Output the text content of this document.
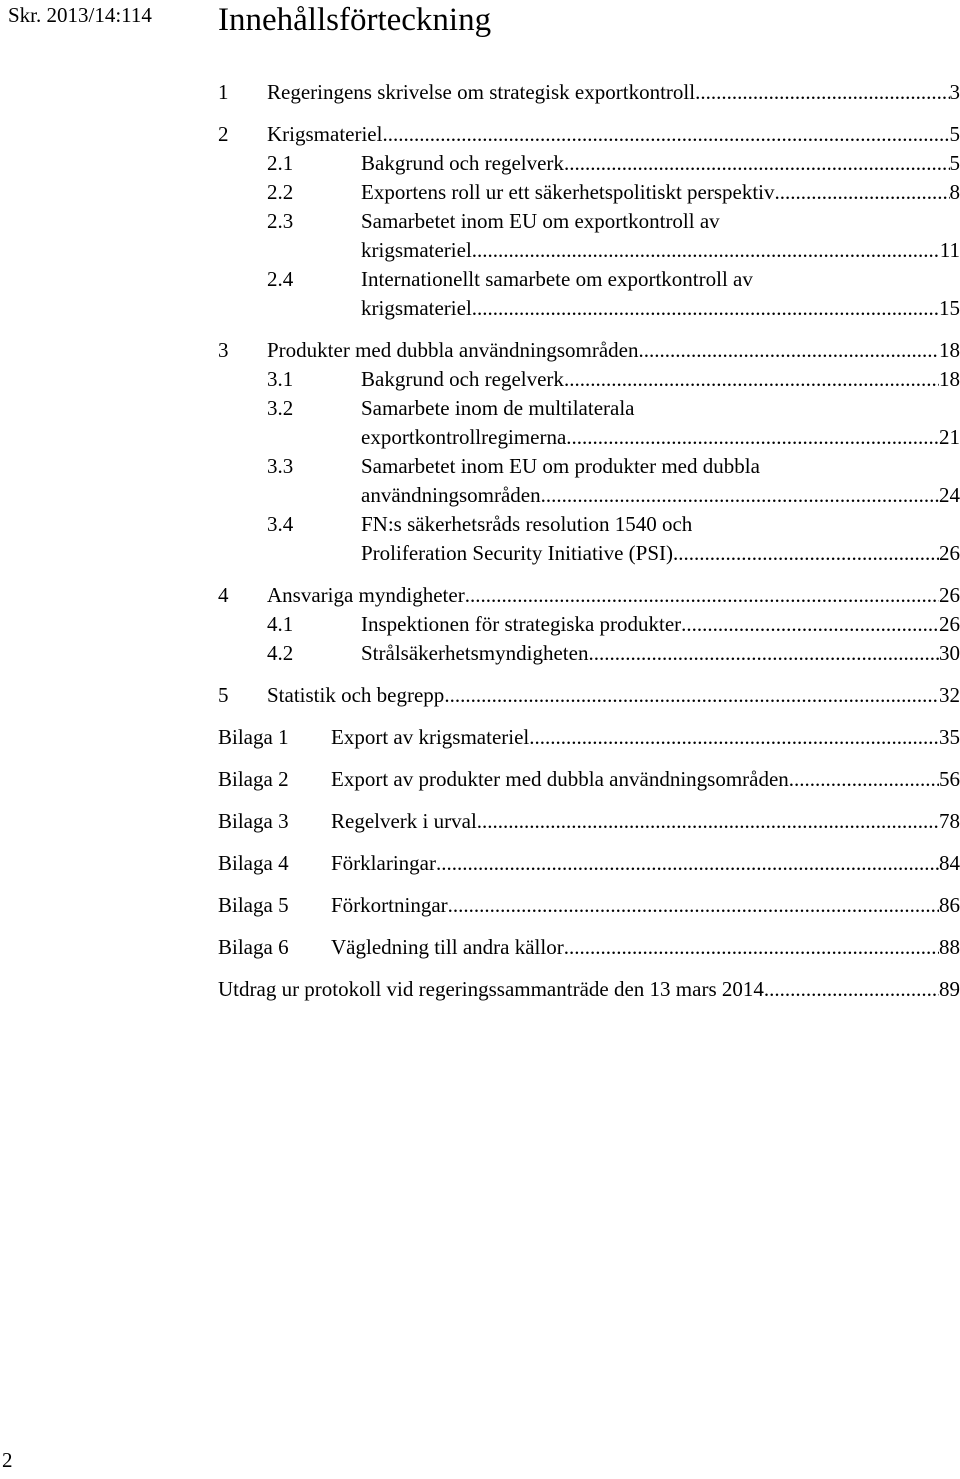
Skr. 2013/14:114 Innehållsförteckning
1 Regeringens skrivelse om strategisk exportkontroll .....	3
2 Krigsmateriel .....	5
2.1	Bakgrund och regelverk .....	5
2.2	Exportens roll ur ett säkerhetspolitiskt perspektiv .....	8
2.3	Samarbetet inom EU om exportkontroll av
krigsmateriel .....	11
2.4	Internationellt samarbete om exportkontroll av
krigsmateriel .....	15
3 Produkter med dubbla användningsområden .....	18
3.1	Bakgrund och regelverk .....	18
3.2	Samarbete inom de multilaterala
exportkontrollregimerna .....	21
3.3	Samarbetet inom EU om produkter med dubbla
användningsområden .....	24
3.4	FN:s säkerhetsråds resolution 1540 och
Proliferation Security Initiative (PSI) .....	26
4 Ansvariga myndigheter .....	26
4.1	Inspektionen för strategiska produkter .....	26
4.2	Strålsäkerhetsmyndigheten .....	30
5 Statistik och begrepp .....	32
Bilaga 1 Export av krigsmateriel .....	35
Bilaga 2 Export av produkter med dubbla användningsområden .....	56
Bilaga 3 Regelverk i urval .....	78
Bilaga 4 Förklaringar .....	84
Bilaga 5 Förkortningar .....	86
Bilaga 6 Vägledning till andra källor .....	88
Utdrag ur protokoll vid regeringssammanträde den 13 mars 2014 .....	89
2
